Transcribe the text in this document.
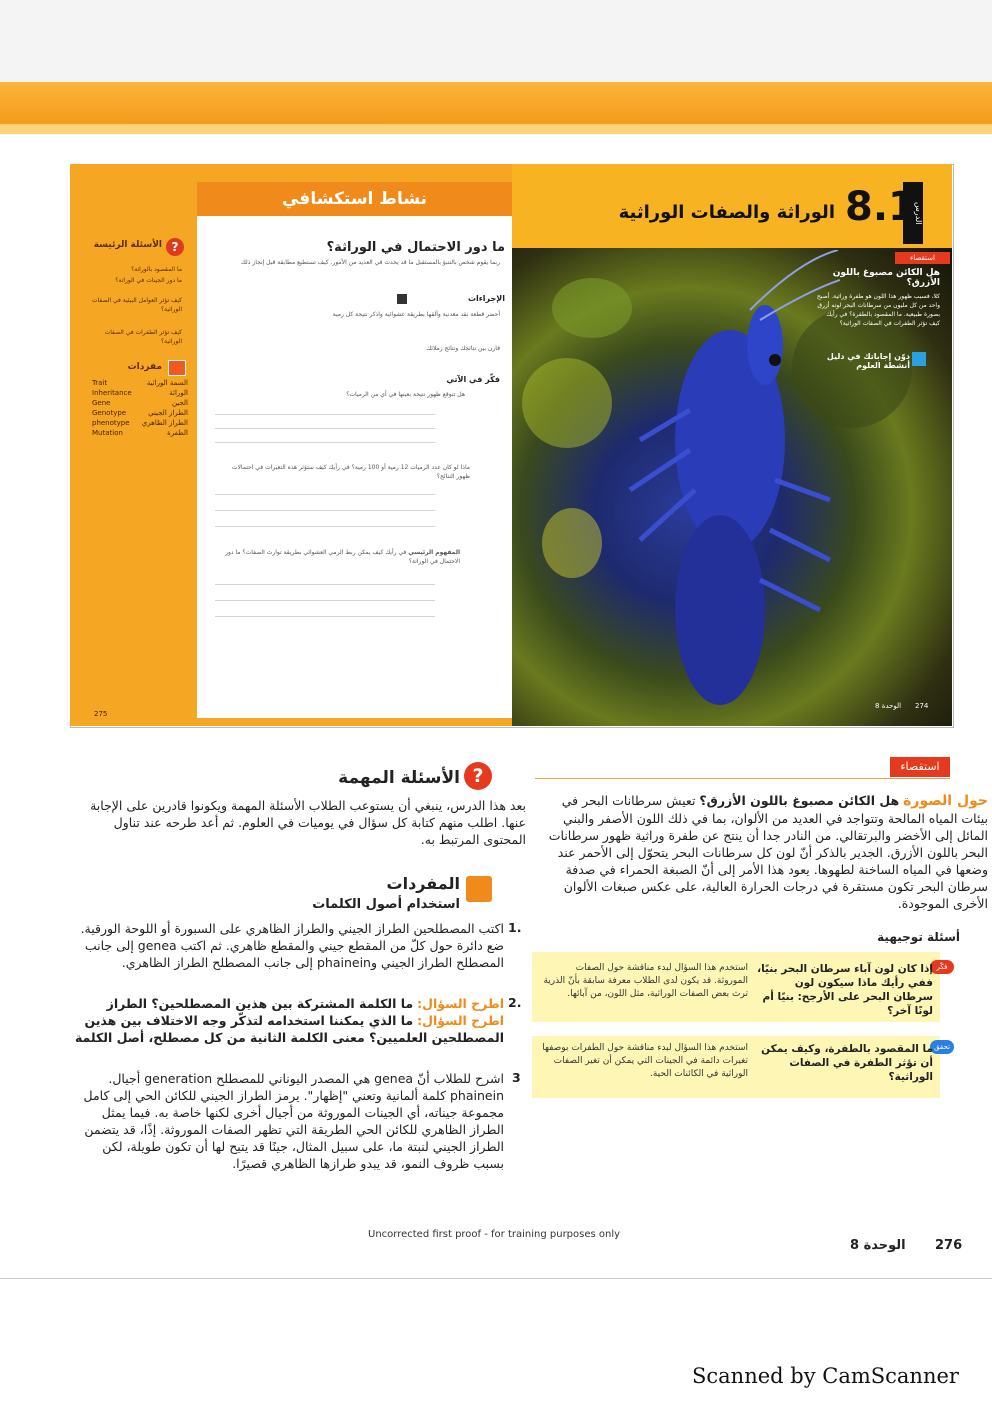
نشاط استكشافي
ما دور الاحتمال في الوراثة؟
ربما يقوم شخص بالتنبؤ بالمستقبل ما قد يحدث في العديد من الأمور. كيف تستطيع مطابقة قبل إنجاز ذلك
الإجراءات
أحضر قطعة نقد معدنية وألقها بطريقة عشوائية واذكر نتيجة كل رمية
قارن بين نتائجك ونتائج زملائك
فكّر في الآتي
هل تتوقع ظهور نتيجة بعينها في أي من الرميات؟
ماذا لو كان عدد الرميات 12 رمية أو 100 رمية؟ في رأيك كيف ستؤثر هذه التغيرات في احتمالات ظهور النتائج؟
المفهوم الرئيسي في رأيك كيف يمكن ربط الرمي العشوائي بطريقة توارث الصفات؟ ما دور الاحتمال في الوراثة؟
الأسئلة الرئيسة ?
ما المقصود بالوراثة؟
ما دور الجينات في الوراثة؟
كيف تؤثر العوامل البيئية في الصفات الوراثية؟
كيف تؤثر الطفرات في الصفات الوراثية؟
مفردات
Trait	السمة الوراثية
Inheritance	الوراثة
Gene	الجين
Genotype	الطراز الجيني
phenotype الطراز الظاهري
Mutation	الطفرة
275
الدرس
8.1
الوراثة والصفات الوراثية
استقصاء
هل الكائن مصبوغ باللون الأزرق؟
كلا، فسبب ظهور هذا اللون هو طفرة وراثية. أصبح واحد من كل مليون من سرطانات البحر لونه أزرق بصورة طبيعية. ما المقصود بالطفرة؟ في رأيك كيف تؤثر الطفرات في الصفات الوراثية؟
دوّن إجاباتك في دليل أنشطة العلوم
الوحدة 8 274
استقصاء
حول الصورة هل الكائن مصبوغ باللون الأزرق؟ تعيش سرطانات البحر في بيئات المياه المالحة وتتواجد في العديد من الألوان، بما في ذلك اللون الأصفر والبني المائل إلى الأخضر والبرتقالي. من النادر جدا أن ينتج عن طفرة وراثية ظهور سرطانات البحر باللون الأزرق. الجدير بالذكر أنّ لون كل سرطانات البحر يتحوّل إلى الأحمر عند وضعها في المياه الساخنة لطهوها. يعود هذا الأمر إلى أنّ الصبغة الحمراء في صدفة سرطان البحر تكون مستقرة في درجات الحرارة العالية، على عكس صبغات الألوان الأخرى الموجودة.
أسئلة توجيهية
فكّر
إذا كان لون آباء سرطان البحر بنيًا، ففي رأيك ماذا سيكون لون سرطان البحر على الأرجح: بنيًا أم لونًا آخر؟
استخدم هذا السؤال لبدء مناقشة حول الصفات الموروثة. قد يكون لدى الطلاب معرفة سابقة بأنّ الذرية ترث بعض الصفات الوراثية، مثل اللون، من آبائها.
تحقق
ما المقصود بالطفرة، وكيف يمكن أن تؤثر الطفرة في الصفات الوراثية؟
استخدم هذا السؤال لبدء مناقشة حول الطفرات بوصفها تغيرات دائمة في الجينات التي يمكن أن تغير الصفات الوراثية في الكائنات الحية.
الأسئلة المهمة ?
بعد هذا الدرس، ينبغي أن يستوعب الطلاب الأسئلة المهمة ويكونوا قادرين على الإجابة عنها. اطلب منهم كتابة كل سؤال في يوميات في العلوم. ثم أعد طرحه عند تناول المحتوى المرتبط به.
المفردات
استخدام أصول الكلمات
اكتب المصطلحين الطراز الجيني والطراز الظاهري على السبورة أو اللوحة الورقية. ضع دائرة حول كلّ من المقطع جيني والمقطع ظاهري. ثم اكتب genea إلى جانب المصطلح الطراز الجيني وphainein إلى جانب المصطلح الطراز الظاهري.
1.
اطرح السؤال: ما الكلمة المشتركة بين هذين المصطلحين؟ الطراز اطرح السؤال: ما الذي يمكننا استخدامه لتذكّر وجه الاختلاف بين هذين المصطلحين العلميين؟ معنى الكلمة الثانية من كل مصطلح، أصل الكلمة
2.
اشرح للطلاب أنّ genea هي المصدر اليوناني للمصطلح generation أجيال. phainein كلمة ألمانية وتعني "إظهار". يرمز الطراز الجيني للكائن الحي إلى كامل مجموعة جيناته، أي الجينات الموروثة من أجيال أخرى لكنها خاصة به. فيما يمثل الطراز الظاهري للكائن الحي الطريقة التي تظهر الصفات الموروثة. إذًا، قد يتضمن الطراز الجيني لنبتة ما، على سبيل المثال، جينًا قد يتيح لها أن تكون طويلة، لكن بسبب ظروف النمو، قد يبدو طرازها الظاهري قصيرًا.
3
Uncorrected first proof - for training purposes only
الوحدة 8 276
Scanned by CamScanner
